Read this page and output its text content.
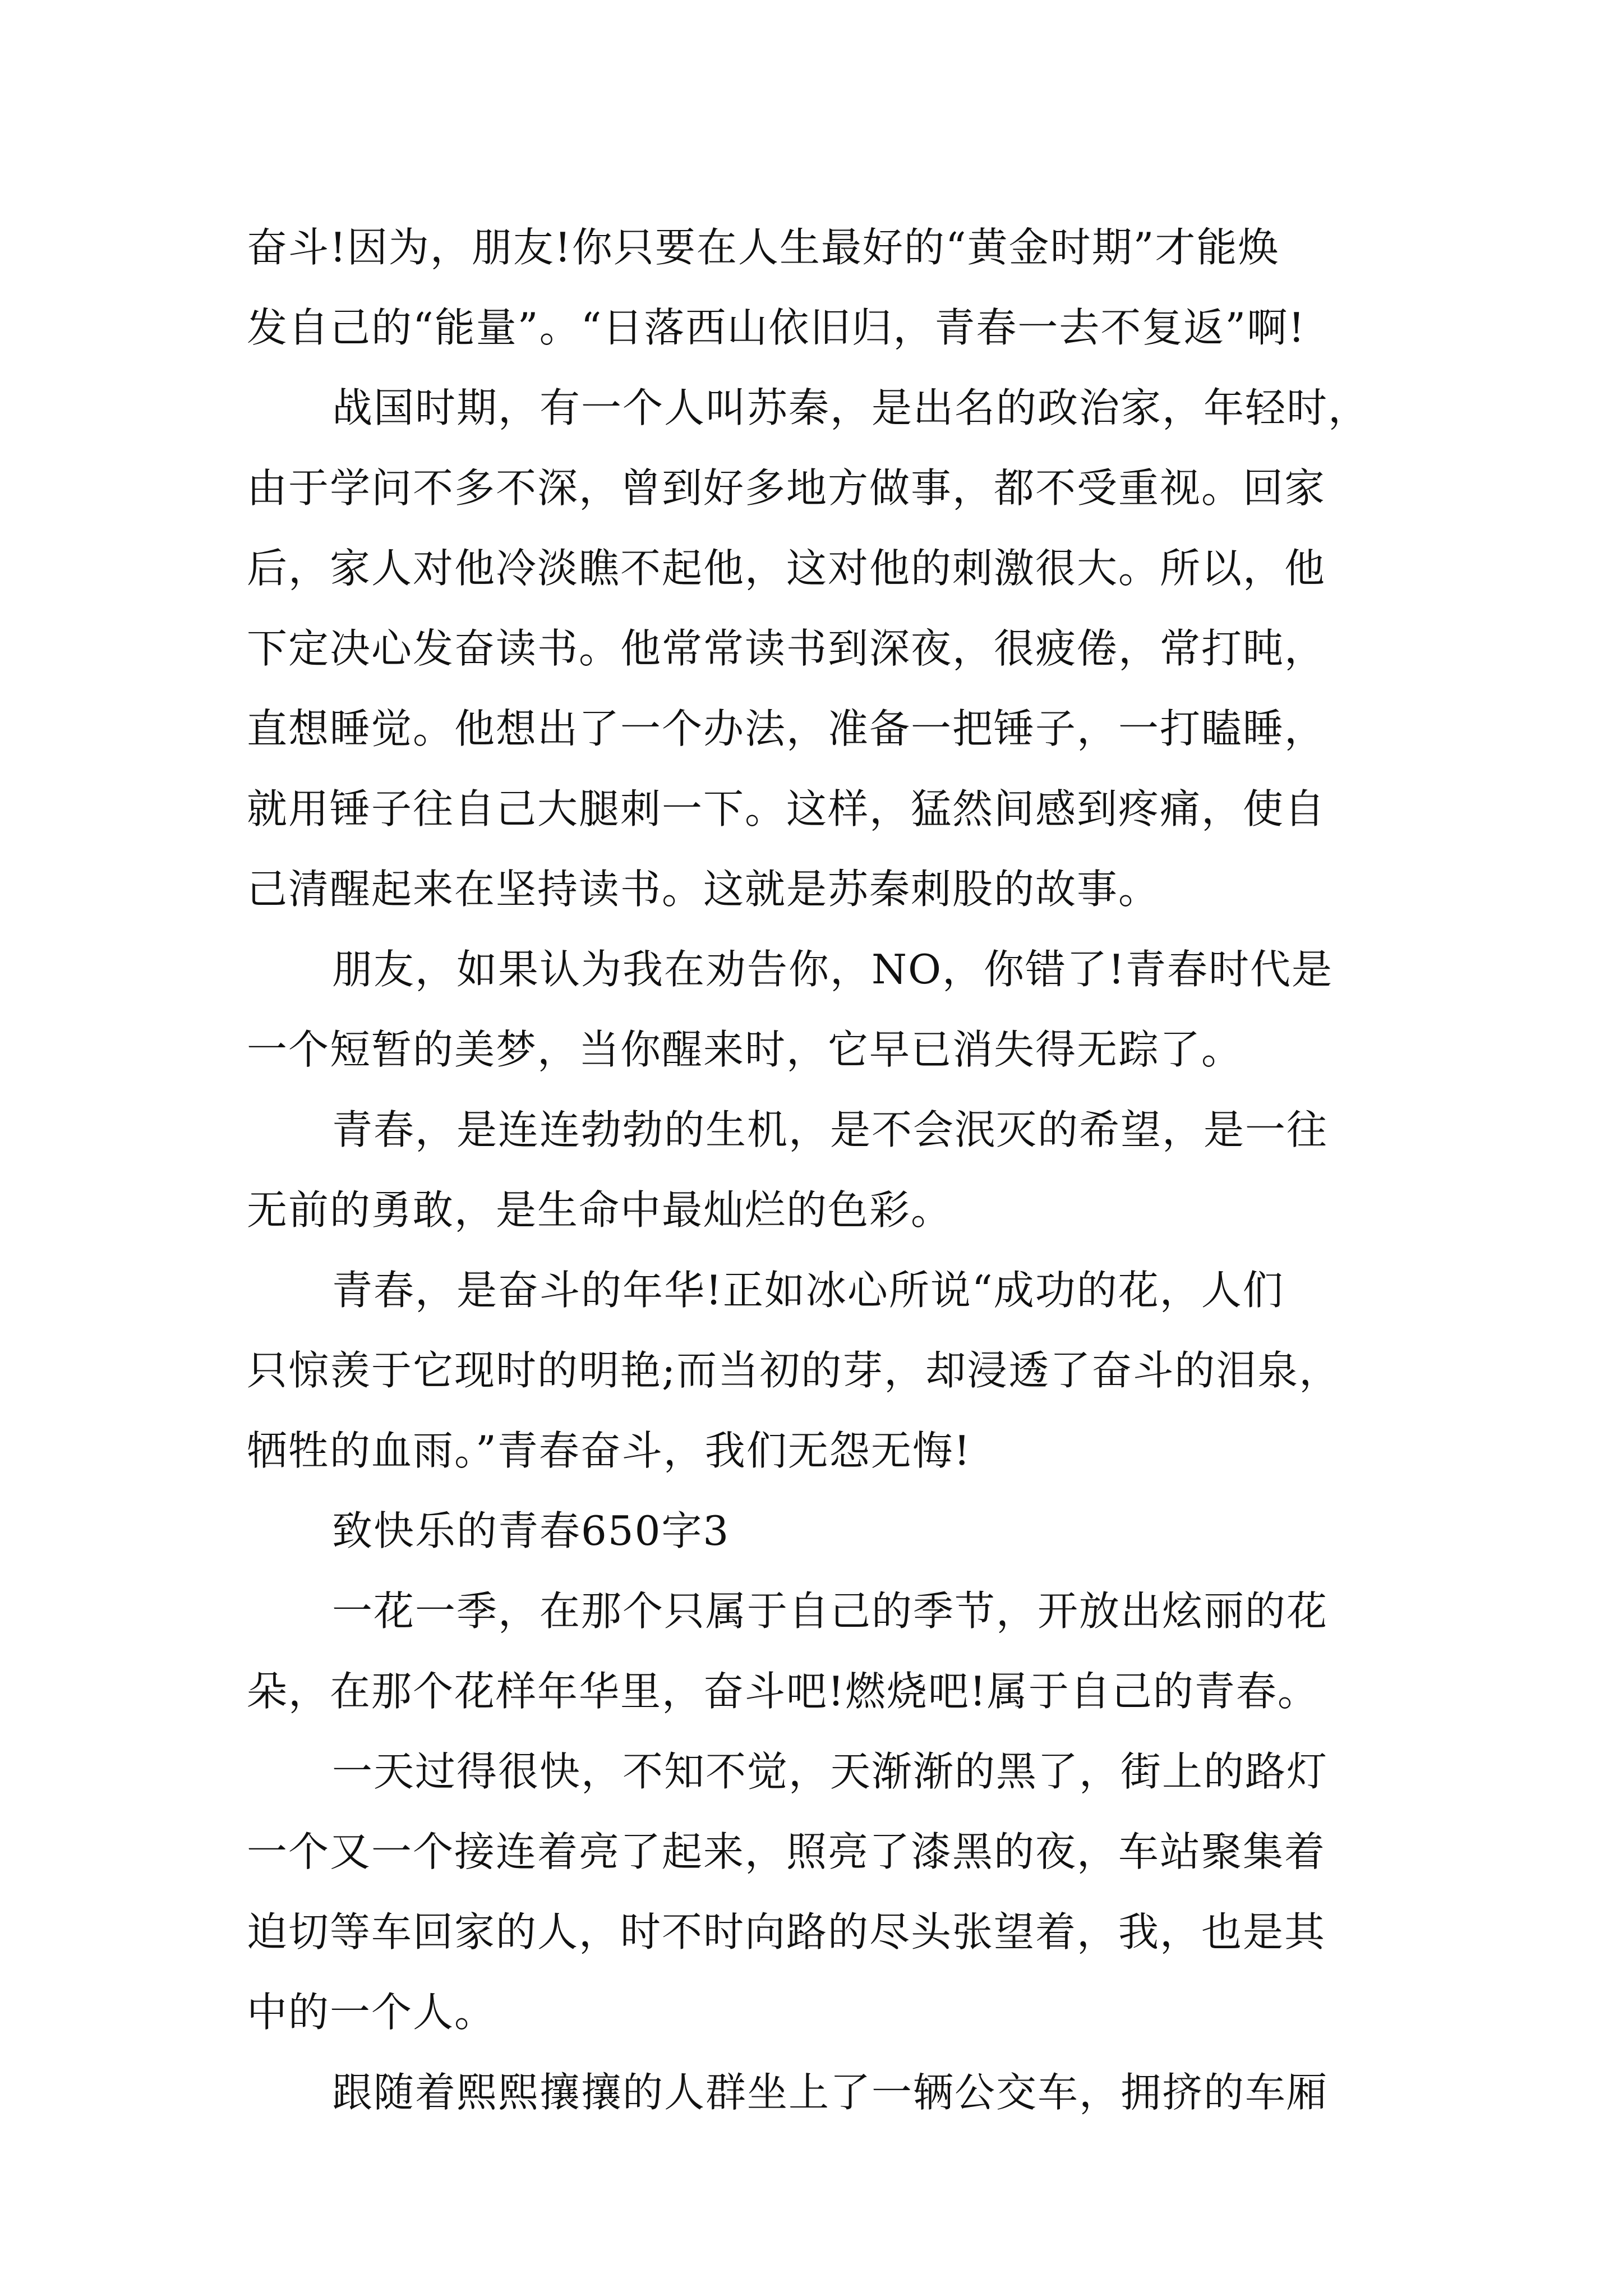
奋斗!因为，朋友!你只要在人生最好的“黄金时期”才能焕
发自己的“能量”。“日落西山依旧归，青春一去不复返”啊!
战国时期，有一个人叫苏秦，是出名的政治家，年轻时，
由于学问不多不深，曾到好多地方做事，都不受重视。回家
后，家人对他冷淡瞧不起他，这对他的刺激很大。所以，他
下定决心发奋读书。他常常读书到深夜，很疲倦，常打盹，
直想睡觉。他想出了一个办法，准备一把锤子，一打瞌睡，
就用锤子往自己大腿刺一下。这样，猛然间感到疼痛，使自
己清醒起来在坚持读书。这就是苏秦刺股的故事。
朋友，如果认为我在劝告你，NO，你错了!青春时代是
一个短暂的美梦，当你醒来时，它早已消失得无踪了。
青春，是连连勃勃的生机，是不会泯灭的希望，是一往
无前的勇敢，是生命中最灿烂的色彩。
青春，是奋斗的年华!正如冰心所说“成功的花，人们
只惊羡于它现时的明艳;而当初的芽，却浸透了奋斗的泪泉，
牺牲的血雨。”青春奋斗，我们无怨无悔!
致快乐的青春650字3
一花一季，在那个只属于自己的季节，开放出炫丽的花
朵，在那个花样年华里，奋斗吧!燃烧吧!属于自己的青春。
一天过得很快，不知不觉，天渐渐的黑了，街上的路灯
一个又一个接连着亮了起来，照亮了漆黑的夜，车站聚集着
迫切等车回家的人，时不时向路的尽头张望着，我，也是其
中的一个人。
跟随着熙熙攘攘的人群坐上了一辆公交车，拥挤的车厢
